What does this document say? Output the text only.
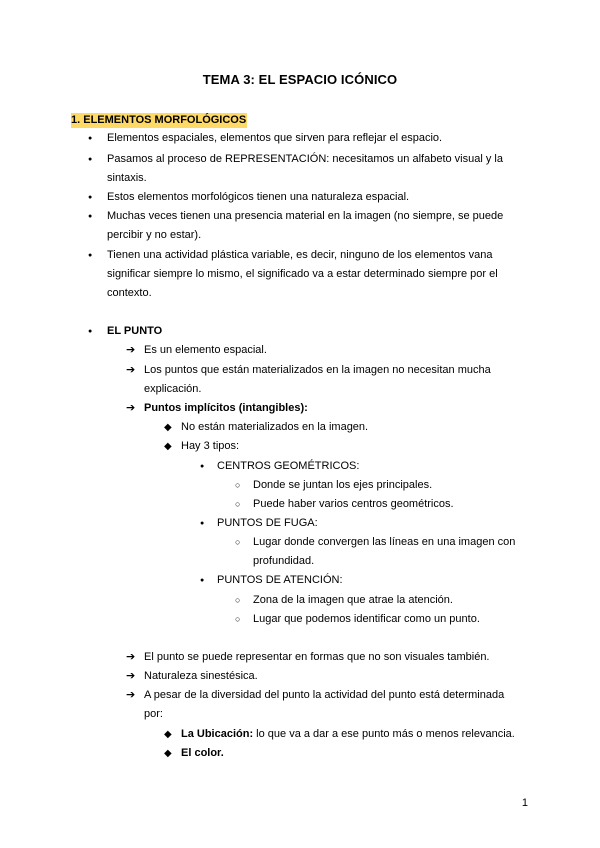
TEMA 3: EL ESPACIO ICÓNICO
1. ELEMENTOS MORFOLÓGICOS
● Elementos espaciales, elementos que sirven para reflejar el espacio.
● Pasamos al proceso de REPRESENTACIÓN: necesitamos un alfabeto visual y la
sintaxis.
● Estos elementos morfológicos tienen una naturaleza espacial.
● Muchas veces tienen una presencia material en la imagen (no siempre, se puede
percibir y no estar).
● Tienen una actividad plástica variable, es decir, ninguno de los elementos vana
significar siempre lo mismo, el significado va a estar determinado siempre por el
contexto.
● EL PUNTO
➔ Es un elemento espacial.
➔ Los puntos que están materializados en la imagen no necesitan mucha
explicación.
➔ Puntos implícitos (intangibles):
◆ No están materializados en la imagen.
◆ Hay 3 tipos:
● CENTROS GEOMÉTRICOS:
○ Donde se juntan los ejes principales.
○ Puede haber varios centros geométricos.
● PUNTOS DE FUGA:
○ Lugar donde convergen las líneas en una imagen con
profundidad.
● PUNTOS DE ATENCIÓN:
○ Zona de la imagen que atrae la atención.
○ Lugar que podemos identificar como un punto.
➔ El punto se puede representar en formas que no son visuales también.
➔ Naturaleza sinestésica.
➔ A pesar de la diversidad del punto la actividad del punto está determinada
por:
◆ La Ubicación: lo que va a dar a ese punto más o menos relevancia.
◆ El color.
1
